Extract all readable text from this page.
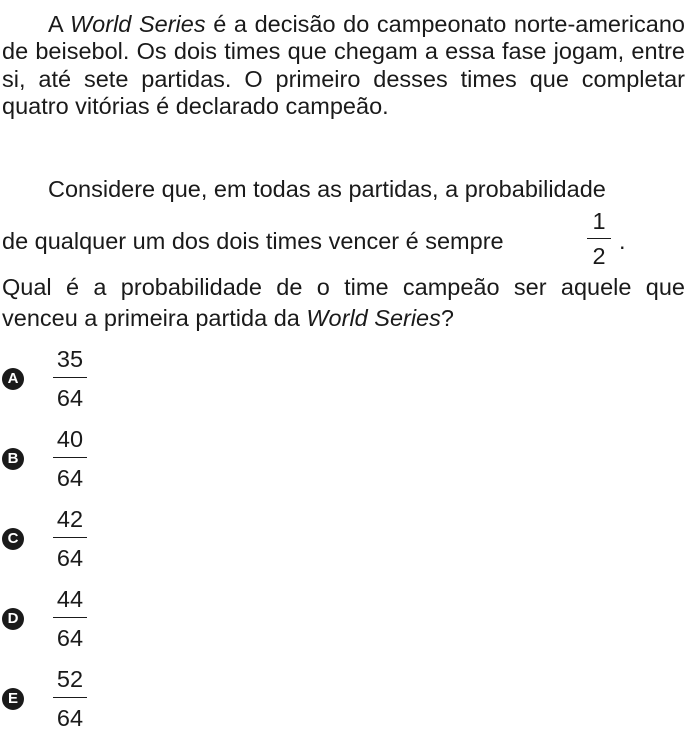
A World Series é a decisão do campeonato norte-americano de beisebol. Os dois times que chegam a essa fase jogam, entre si, até sete partidas. O primeiro desses times que completar quatro vitórias é declarado campeão.

Considere que, em todas as partidas, a probabilidade

de qualquer um dos dois times vencer é sempre
1
2
.

Qual é a probabilidade de o time campeão ser aquele que venceu a primeira partida da World Series?

A
35
64
B
40
64
C
42
64
D
44
64
E
52
64
